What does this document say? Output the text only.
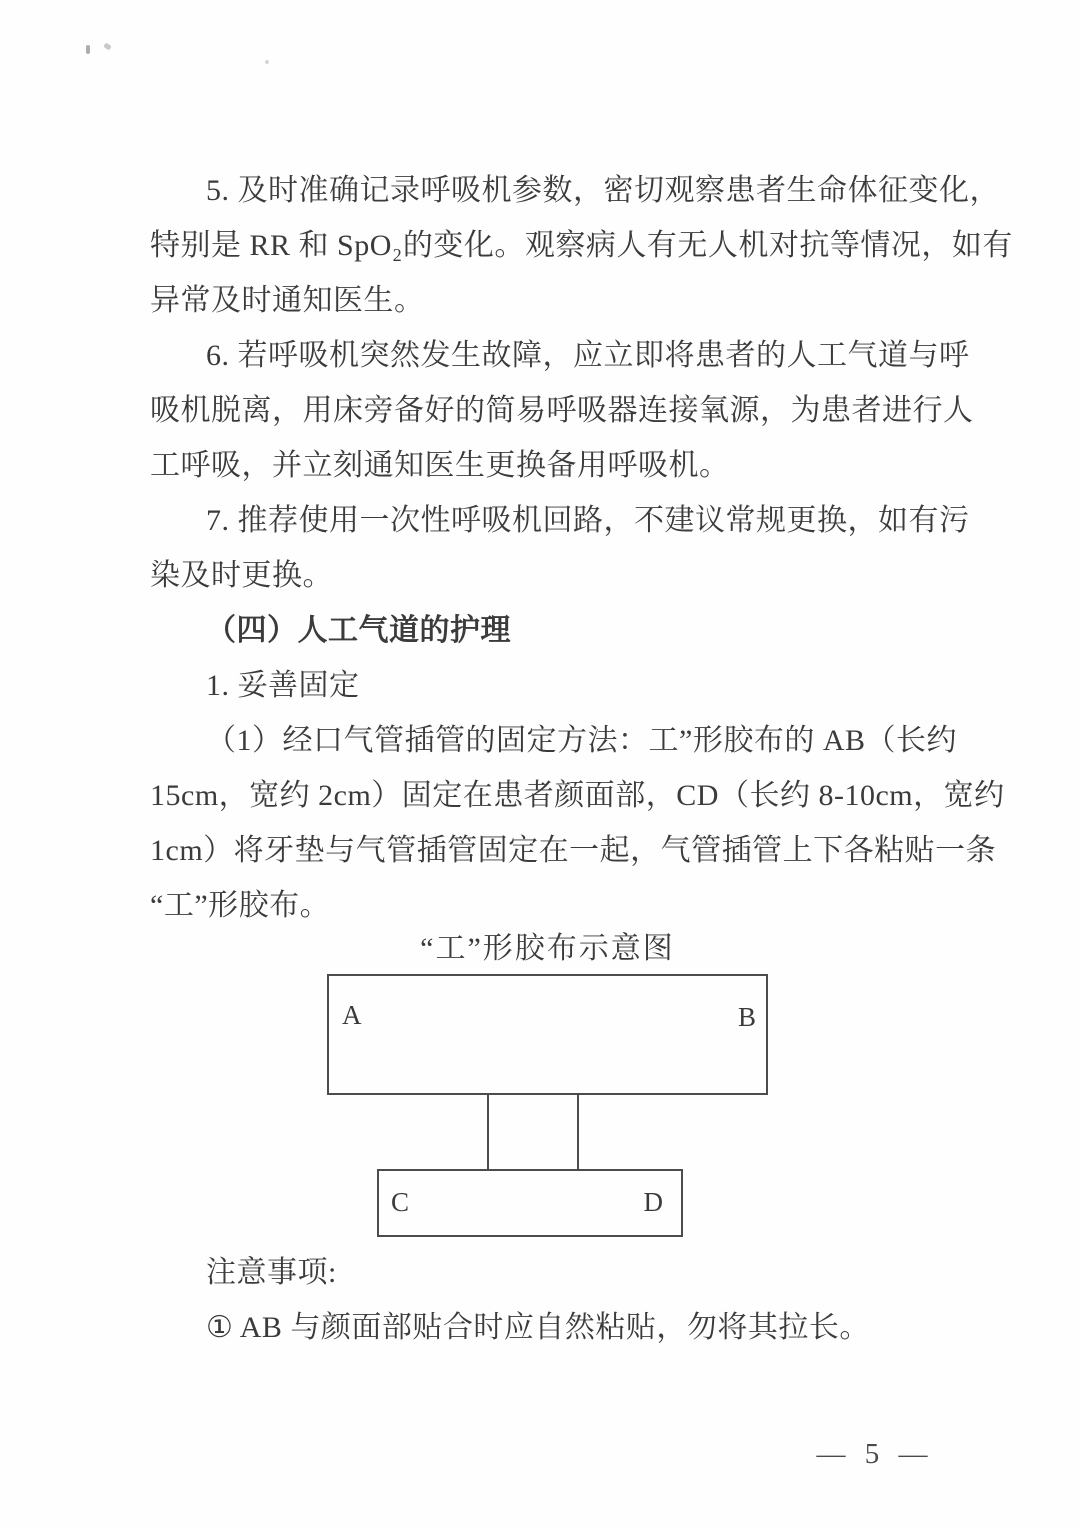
5. 及时准确记录呼吸机参数，密切观察患者生命体征变化，
特别是 RR 和 SpO₂的变化。观察病人有无人机对抗等情况，如有
异常及时通知医生。
6. 若呼吸机突然发生故障，应立即将患者的人工气道与呼
吸机脱离，用床旁备好的简易呼吸器连接氧源，为患者进行人
工呼吸，并立刻通知医生更换备用呼吸机。
7. 推荐使用一次性呼吸机回路，不建议常规更换，如有污
染及时更换。
（四）人工气道的护理
1. 妥善固定
（1）经口气管插管的固定方法：工”形胶布的 AB（长约
15cm，宽约 2cm）固定在患者颜面部，CD（长约 8-10cm，宽约
1cm）将牙垫与气管插管固定在一起，气管插管上下各粘贴一条
“工”形胶布。
“工”形胶布示意图
A	B
C	D
注意事项:
① AB 与颜面部贴合时应自然粘贴，勿将其拉长。
— 5 —
